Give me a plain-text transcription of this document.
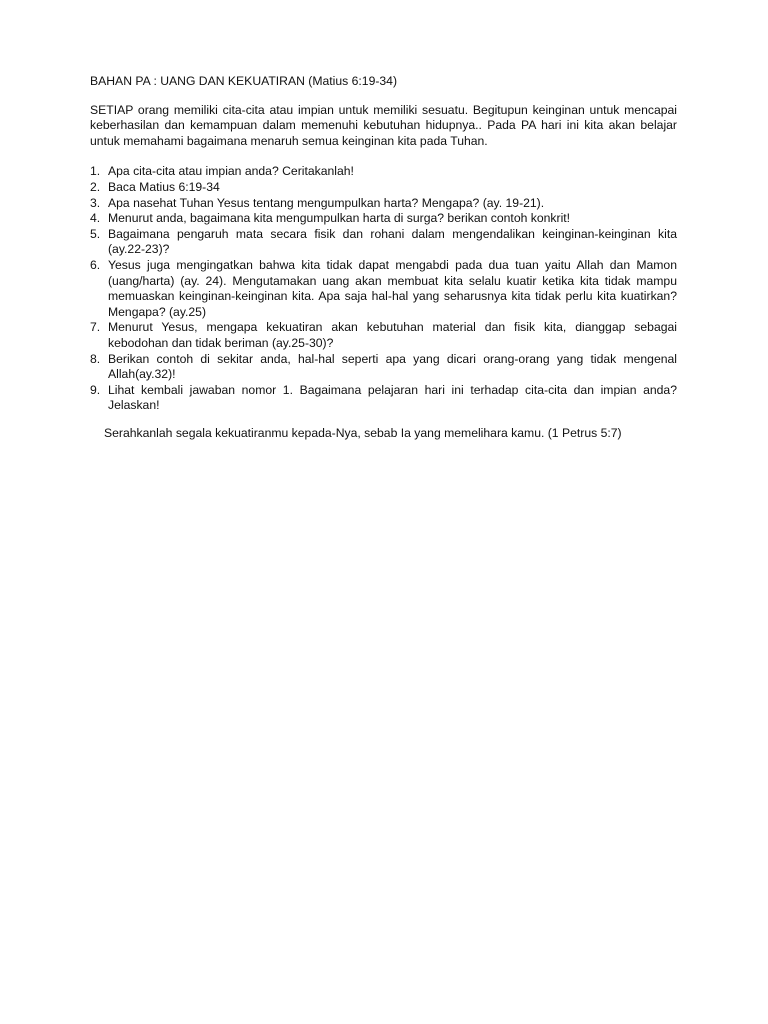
BAHAN PA : UANG DAN KEKUATIRAN (Matius 6:19-34)
SETIAP orang memiliki cita-cita atau impian untuk memiliki sesuatu. Begitupun keinginan untuk mencapai keberhasilan dan kemampuan dalam memenuhi kebutuhan hidupnya.. Pada PA hari ini kita akan belajar untuk memahami bagaimana menaruh semua keinginan kita pada Tuhan.
1. Apa cita-cita atau impian anda? Ceritakanlah!
2. Baca Matius 6:19-34
3. Apa nasehat Tuhan Yesus tentang mengumpulkan harta? Mengapa? (ay. 19-21).
4. Menurut anda, bagaimana kita mengumpulkan harta di surga? berikan contoh konkrit!
5. Bagaimana pengaruh mata secara fisik dan rohani dalam mengendalikan keinginan-keinginan kita (ay.22-23)?
6. Yesus juga mengingatkan bahwa kita tidak dapat mengabdi pada dua tuan yaitu Allah dan Mamon (uang/harta) (ay. 24). Mengutamakan uang akan membuat kita selalu kuatir ketika kita tidak mampu memuaskan keinginan-keinginan kita. Apa saja hal-hal yang seharusnya kita tidak perlu kita kuatirkan? Mengapa? (ay.25)
7. Menurut Yesus, mengapa kekuatiran akan kebutuhan material dan fisik kita, dianggap sebagai kebodohan dan tidak beriman (ay.25-30)?
8. Berikan contoh di sekitar anda, hal-hal seperti apa yang dicari orang-orang yang tidak mengenal Allah(ay.32)!
9. Lihat kembali jawaban nomor 1. Bagaimana pelajaran hari ini terhadap cita-cita dan impian anda? Jelaskan!
Serahkanlah segala kekuatiranmu kepada-Nya, sebab Ia yang memelihara kamu. (1 Petrus 5:7)
